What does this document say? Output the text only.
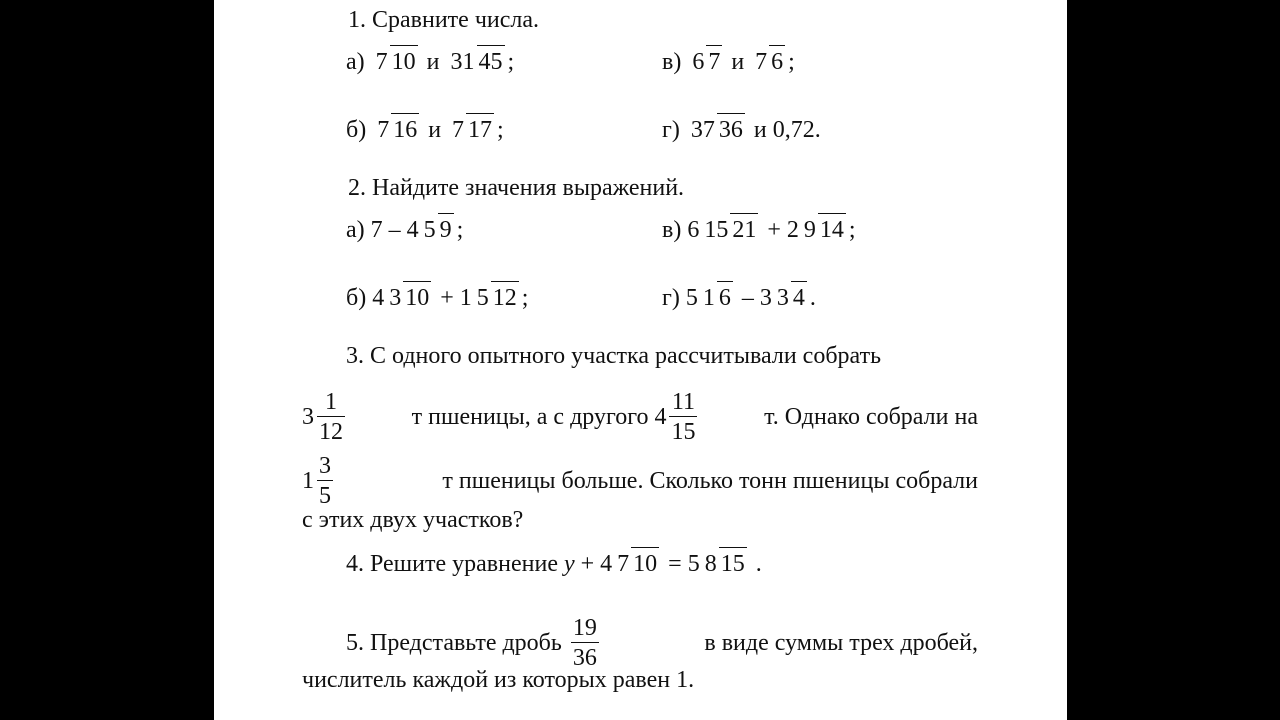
1. Сравните числа.
а) 7 10 и 31 45 ;	в) 6 7 и 7 6 ;
б) 7 16 и 7 17 ;	г) 37 36 и 0,72.
2. Найдите значения выражений.
а) 7 – 4 5 9 ;	в) 6 15 21 + 2 9 14 ;
б) 4 3 10 + 1 5 12 ;	г) 5 1 6 – 3 3 4 .
3. С одного опытного участка рассчитывали собрать
$3 \frac{1}{12}$	т пшеницы, а с другого $4 \frac{11}{15}$	т. Однако собрали на
$1 \frac{3}{5}$	т пшеницы больше. Сколько тонн пшеницы собрали
с этих двух участков?
4. Решите уравнение y + 4 7 10 = 5 8 15 .
5. Представьте дробь $\frac{19}{36}$	в виде суммы трех дробей,
числитель каждой из которых равен 1.
